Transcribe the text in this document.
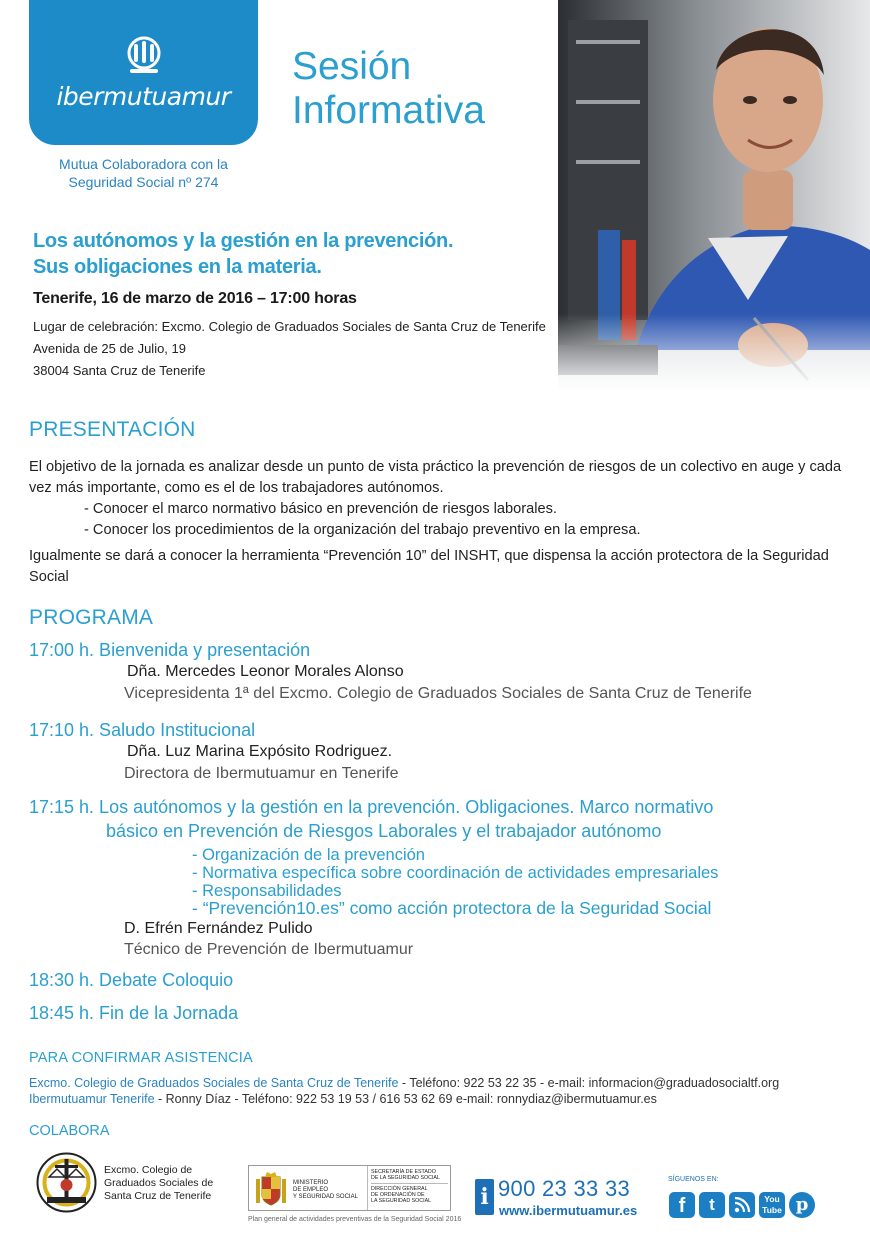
ibermutuamur
Mutua Colaboradora con la
Seguridad Social nº 274
Sesión
Informativa
Los autónomos y la gestión en la prevención.
Sus obligaciones en la materia.
Tenerife, 16 de marzo de 2016 – 17:00 horas
Lugar de celebración: Excmo. Colegio de Graduados Sociales de Santa Cruz de Tenerife
Avenida de 25 de Julio, 19
38004 Santa Cruz de Tenerife
PRESENTACIÓN
El objetivo de la jornada es analizar desde un punto de vista práctico la prevención de riesgos de un colectivo en auge y cada vez más importante, como es el de los trabajadores autónomos.
- Conocer el marco normativo básico en prevención de riesgos laborales.
- Conocer los procedimientos de la organización del trabajo preventivo en la empresa.
Igualmente se dará a conocer la herramienta “Prevención 10” del INSHT, que dispensa la acción protectora de la Seguridad Social
PROGRAMA
17:00 h. Bienvenida y presentación
Dña. Mercedes Leonor Morales Alonso
Vicepresidenta 1ª del Excmo. Colegio de Graduados Sociales de Santa Cruz de Tenerife
17:10 h. Saludo Institucional
Dña. Luz Marina Expósito Rodriguez.
Directora de Ibermutuamur en Tenerife
17:15 h. Los autónomos y la gestión en la prevención. Obligaciones. Marco normativo
básico en Prevención de Riesgos Laborales y el trabajador autónomo
- Organización de la prevención
- Normativa específica sobre coordinación de actividades empresariales
- Responsabilidades
- “Prevención10.es” como acción protectora de la Seguridad Social
D. Efrén Fernández Pulido
Técnico de Prevención de Ibermutuamur
18:30 h. Debate Coloquio
18:45 h. Fin de la Jornada
PARA CONFIRMAR ASISTENCIA
Excmo. Colegio de Graduados Sociales de Santa Cruz de Tenerife - Teléfono: 922 53 22 35 - e-mail: informacion@graduadosocialtf.org
Ibermutuamur Tenerife - Ronny Díaz - Teléfono: 922 53 19 53 / 616 53 62 69 e-mail: ronnydiaz@ibermutuamur.es
COLABORA
Excmo. Colegio de
Graduados Sociales de
Santa Cruz de Tenerife
MINISTERIO
DE EMPLEO
Y SEGURIDAD SOCIAL
SECRETARÍA DE ESTADO
DE LA SEGURIDAD SOCIAL
DIRECCIÓN GENERAL
DE ORDENACIÓN DE
LA SEGURIDAD SOCIAL
Plan general de actividades preventivas de la Seguridad Social 2016
i 900 23 33 33
www.ibermutuamur.es
SÍGUENOS EN:
f	t	You
Tube p
